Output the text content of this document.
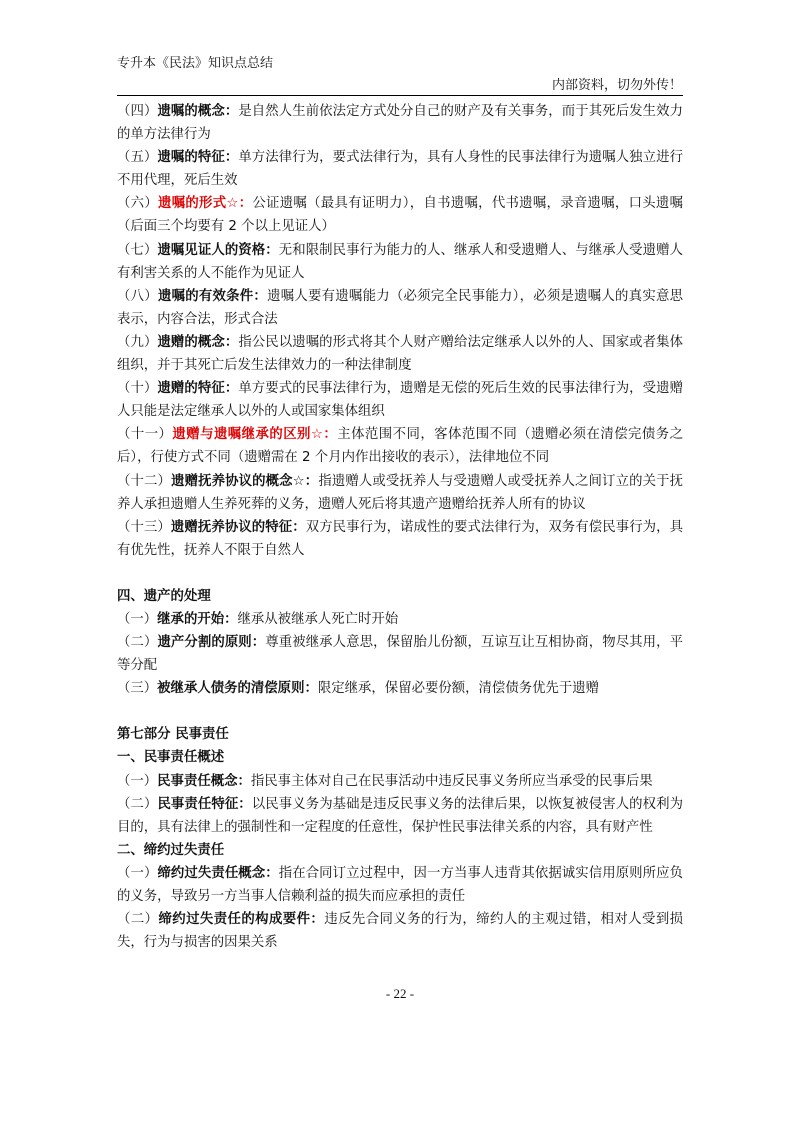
专升本《民法》知识点总结
内部资料，切勿外传！

（四）遗嘱的概念：是自然人生前依法定方式处分自己的财产及有关事务，而于其死后发生效力的单方法律行为

（五）遗嘱的特征：单方法律行为，要式法律行为，具有人身性的民事法律行为遗嘱人独立进行不用代理，死后生效

（六）遗嘱的形式☆：公证遗嘱（最具有证明力），自书遗嘱，代书遗嘱，录音遗嘱，口头遗嘱（后面三个均要有 2 个以上见证人）

（七）遗嘱见证人的资格：无和限制民事行为能力的人、继承人和受遗赠人、与继承人受遗赠人有利害关系的人不能作为见证人

（八）遗嘱的有效条件：遗嘱人要有遗嘱能力（必须完全民事能力），必须是遗嘱人的真实意思表示，内容合法，形式合法

（九）遗赠的概念：指公民以遗嘱的形式将其个人财产赠给法定继承人以外的人、国家或者集体组织，并于其死亡后发生法律效力的一种法律制度

（十）遗赠的特征：单方要式的民事法律行为，遗赠是无偿的死后生效的民事法律行为，受遗赠人只能是法定继承人以外的人或国家集体组织

（十一）遗赠与遗嘱继承的区别☆：主体范围不同，客体范围不同（遗赠必须在清偿完债务之后），行使方式不同（遗赠需在 2 个月内作出接收的表示），法律地位不同

（十二）遗赠抚养协议的概念☆：指遗赠人或受抚养人与受遗赠人或受抚养人之间订立的关于抚养人承担遗赠人生养死葬的义务，遗赠人死后将其遗产遗赠给抚养人所有的协议

（十三）遗赠抚养协议的特征：双方民事行为，诺成性的要式法律行为，双务有偿民事行为，具有优先性，抚养人不限于自然人

四、遗产的处理

（一）继承的开始：继承从被继承人死亡时开始

（二）遗产分割的原则：尊重被继承人意思，保留胎儿份额，互谅互让互相协商，物尽其用，平等分配

（三）被继承人债务的清偿原则：限定继承，保留必要份额，清偿债务优先于遗赠

第七部分 民事责任
一、民事责任概述

（一）民事责任概念：指民事主体对自己在民事活动中违反民事义务所应当承受的民事后果

（二）民事责任特征：以民事义务为基础是违反民事义务的法律后果，以恢复被侵害人的权利为目的，具有法律上的强制性和一定程度的任意性，保护性民事法律关系的内容，具有财产性

二、缔约过失责任

（一）缔约过失责任概念：指在合同订立过程中，因一方当事人违背其依据诚实信用原则所应负的义务，导致另一方当事人信赖利益的损失而应承担的责任

（二）缔约过失责任的构成要件：违反先合同义务的行为，缔约人的主观过错，相对人受到损失，行为与损害的因果关系

- 22 -
